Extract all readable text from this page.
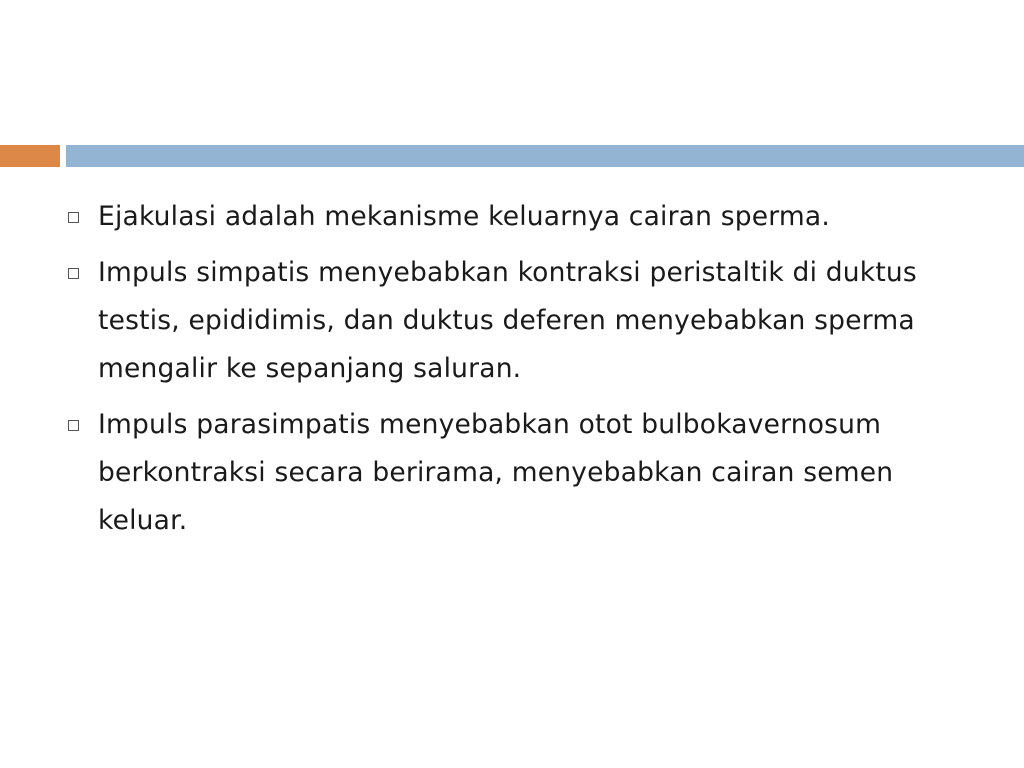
Ejakulasi adalah mekanisme keluarnya cairan sperma.
Impuls simpatis menyebabkan kontraksi peristaltik di duktus testis, epididimis, dan duktus deferen menyebabkan sperma mengalir ke sepanjang saluran.
Impuls parasimpatis menyebabkan otot bulbokavernosum berkontraksi secara berirama, menyebabkan cairan semen keluar.
